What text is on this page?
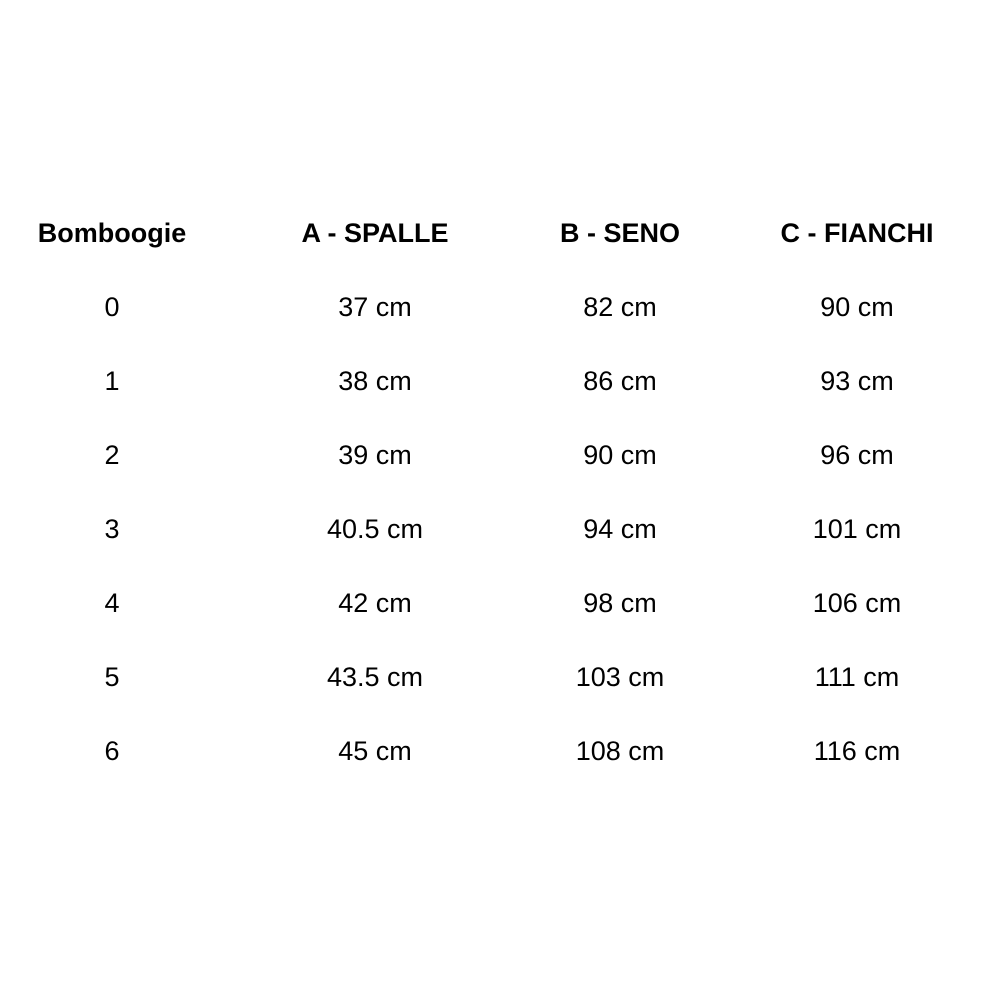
Bomboogie	A - SPALLE	B - SENO	C - FIANCHI
0	37 cm	82 cm	90 cm
1	38 cm	86 cm	93 cm
2	39 cm	90 cm	96 cm
3	40.5 cm	94 cm	101 cm
4	42 cm	98 cm	106 cm
5	43.5 cm	103 cm	111 cm
6	45 cm	108 cm	116 cm
